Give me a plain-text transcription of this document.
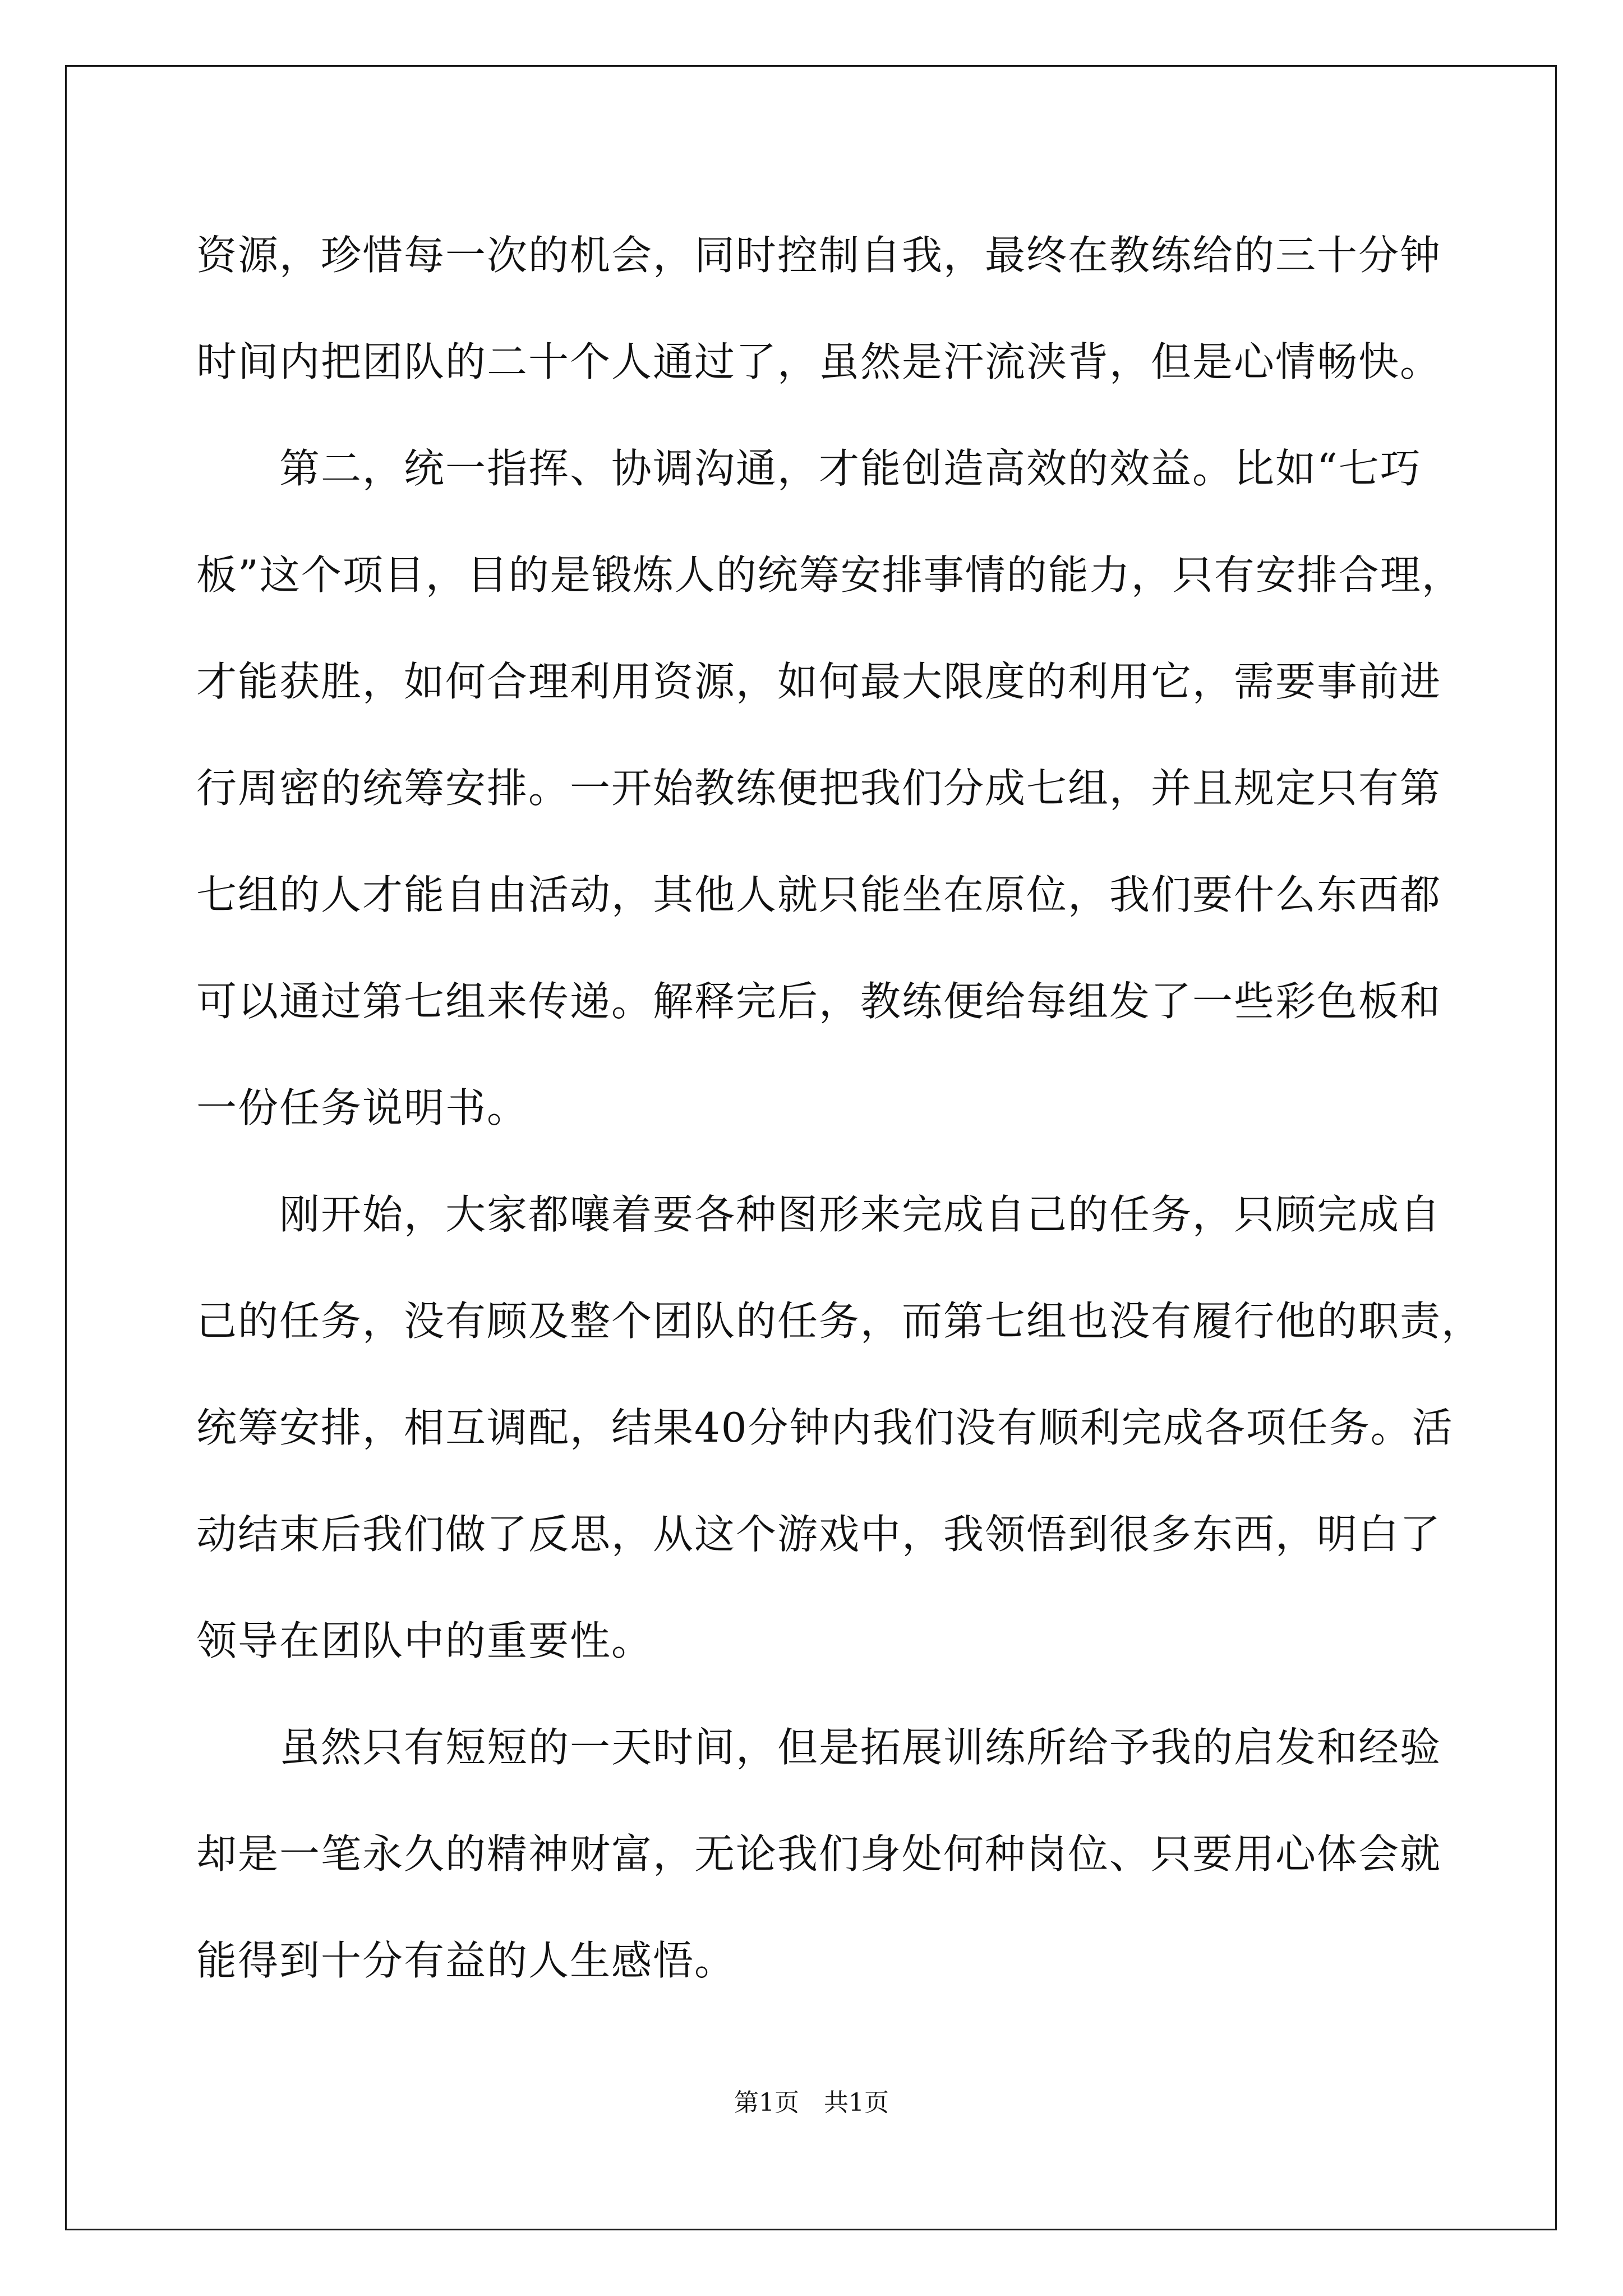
资源，珍惜每一次的机会，同时控制自我，最终在教练给的三十分钟
时间内把团队的二十个人通过了，虽然是汗流浃背，但是心情畅快。
第二，统一指挥、协调沟通，才能创造高效的效益。比如“七巧
板”这个项目，目的是锻炼人的统筹安排事情的能力，只有安排合理，
才能获胜，如何合理利用资源，如何最大限度的利用它，需要事前进
行周密的统筹安排。一开始教练便把我们分成七组，并且规定只有第
七组的人才能自由活动，其他人就只能坐在原位，我们要什么东西都
可以通过第七组来传递。解释完后，教练便给每组发了一些彩色板和
一份任务说明书。
刚开始，大家都嚷着要各种图形来完成自己的任务，只顾完成自
己的任务，没有顾及整个团队的任务，而第七组也没有履行他的职责，
统筹安排，相互调配，结果40分钟内我们没有顺利完成各项任务。活
动结束后我们做了反思，从这个游戏中，我领悟到很多东西，明白了
领导在团队中的重要性。
虽然只有短短的一天时间，但是拓展训练所给予我的启发和经验
却是一笔永久的精神财富，无论我们身处何种岗位、只要用心体会就
能得到十分有益的人生感悟。
第1页　共1页
